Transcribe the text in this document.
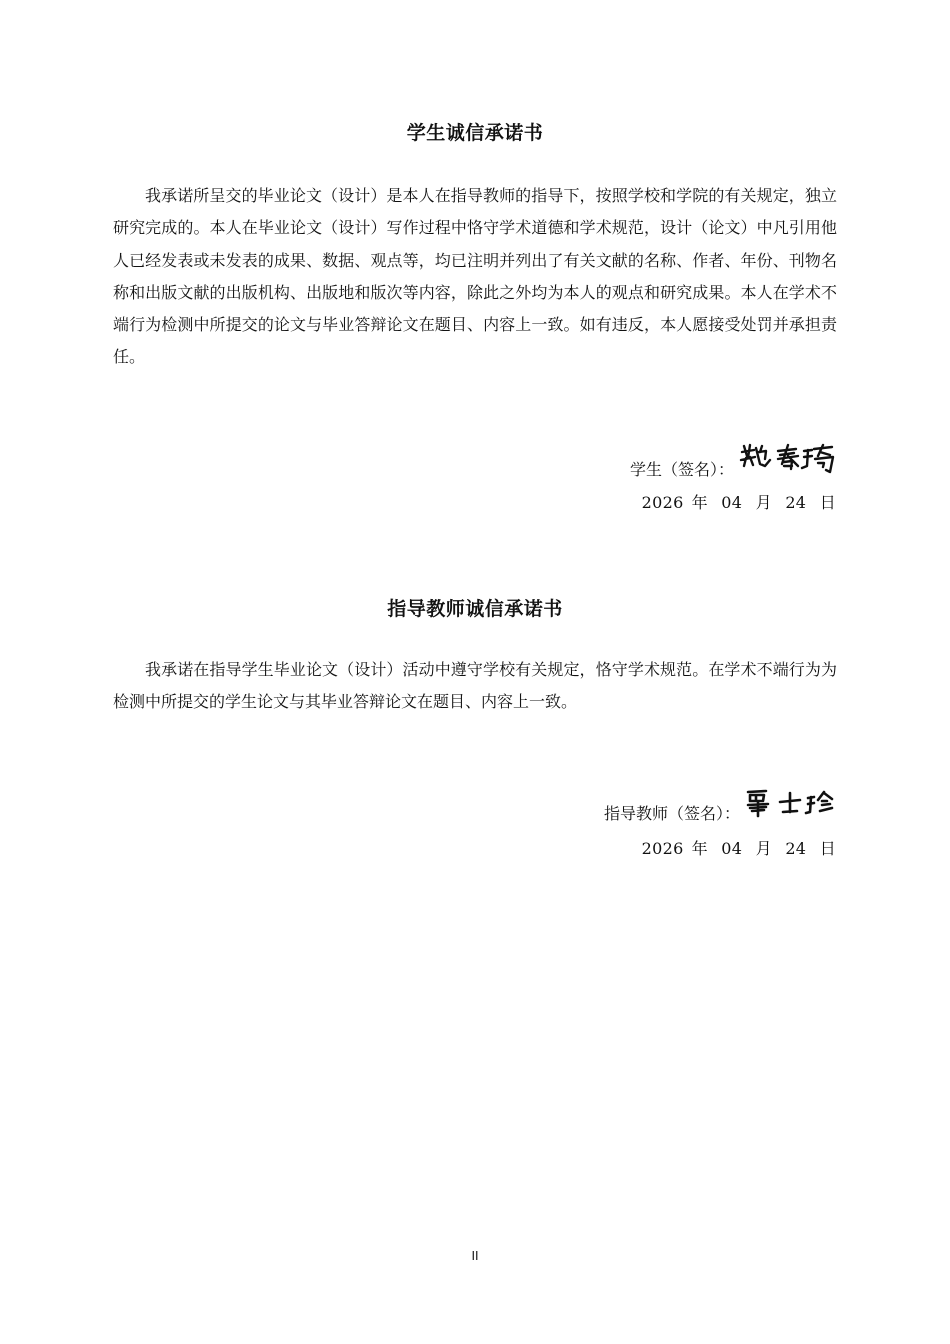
学生诚信承诺书

我承诺所呈交的毕业论文（设计）是本人在指导教师的指导下，按照学校和学院的有关规定，独立研究完成的。本人在毕业论文（设计）写作过程中恪守学术道德和学术规范，设计（论文）中凡引用他人已经发表或未发表的成果、数据、观点等，均已注明并列出了有关文献的名称、作者、年份、刊物名称和出版文献的出版机构、出版地和版次等内容，除此之外均为本人的观点和研究成果。本人在学术不端行为检测中所提交的论文与毕业答辩论文在题目、内容上一致。如有违反，本人愿接受处罚并承担责任。

学生（签名）：
2026 年 04 月 24 日
指导教师诚信承诺书

我承诺在指导学生毕业论文（设计）活动中遵守学校有关规定，恪守学术规范。在学术不端行为为检测中所提交的学生论文与其毕业答辩论文在题目、内容上一致。

指导教师（签名）：
2026 年 04 月 24 日
II
